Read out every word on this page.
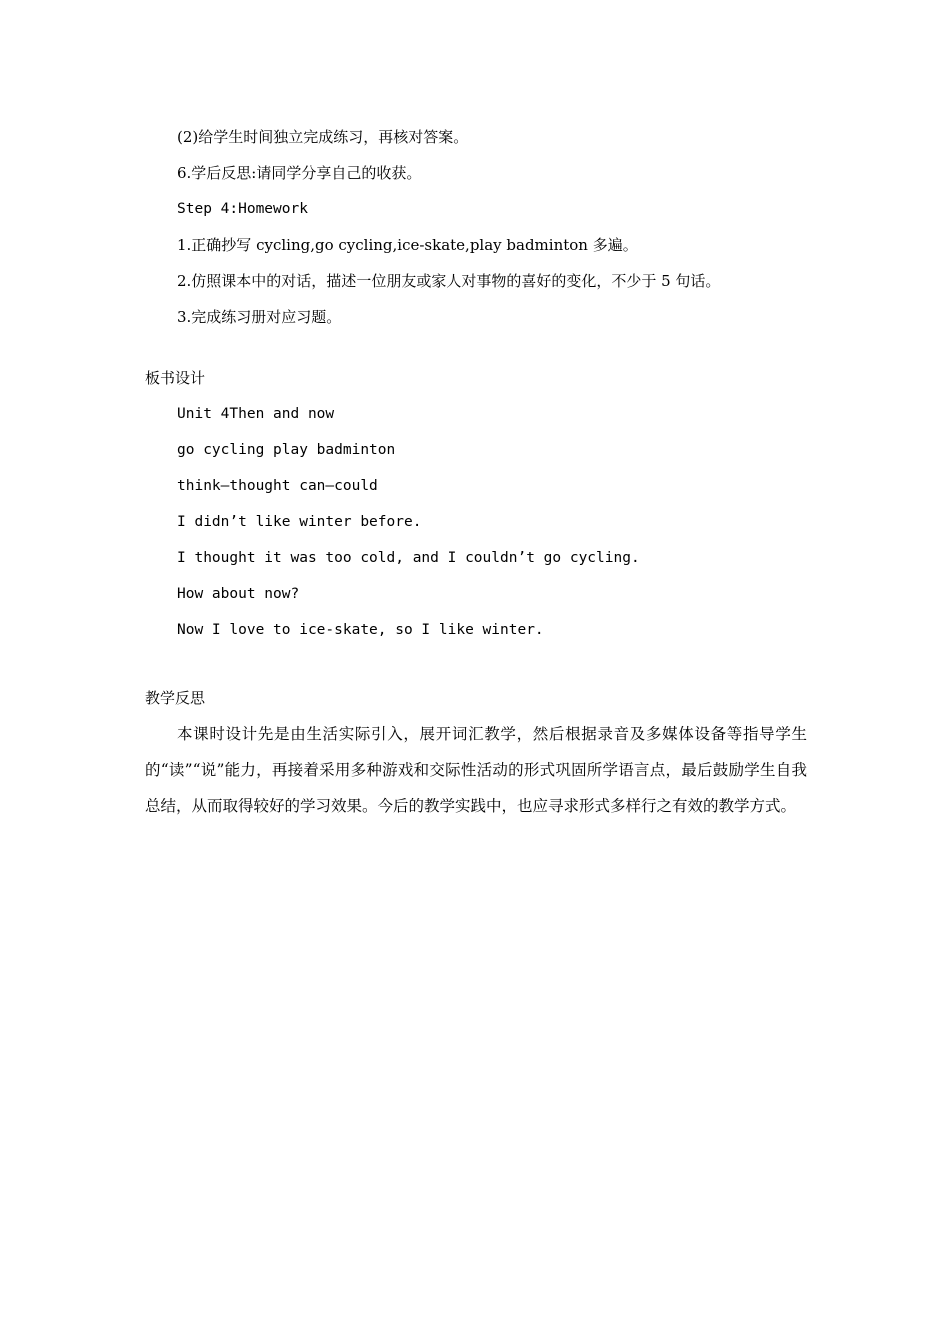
(2)给学生时间独立完成练习，再核对答案。
6.学后反思:请同学分享自己的收获。
Step 4:Homework
1.正确抄写 cycling,go cycling,ice-skate,play badminton 多遍。
2.仿照课本中的对话，描述一位朋友或家人对事物的喜好的变化，不少于 5 句话。
3.完成练习册对应习题。
板书设计
Unit 4Then and now
go cycling play badminton
think—thought can—could
I didn’t like winter before.
I thought it was too cold, and I couldn’t go cycling.
How about now?
Now I love to ice-skate, so I like winter.
教学反思
本课时设计先是由生活实际引入，展开词汇教学，然后根据录音及多媒体设备等指导学生的“读”“说”能力，再接着采用多种游戏和交际性活动的形式巩固所学语言点，最后鼓励学生自我总结，从而取得较好的学习效果。今后的教学实践中，也应寻求形式多样行之有效的教学方式。
